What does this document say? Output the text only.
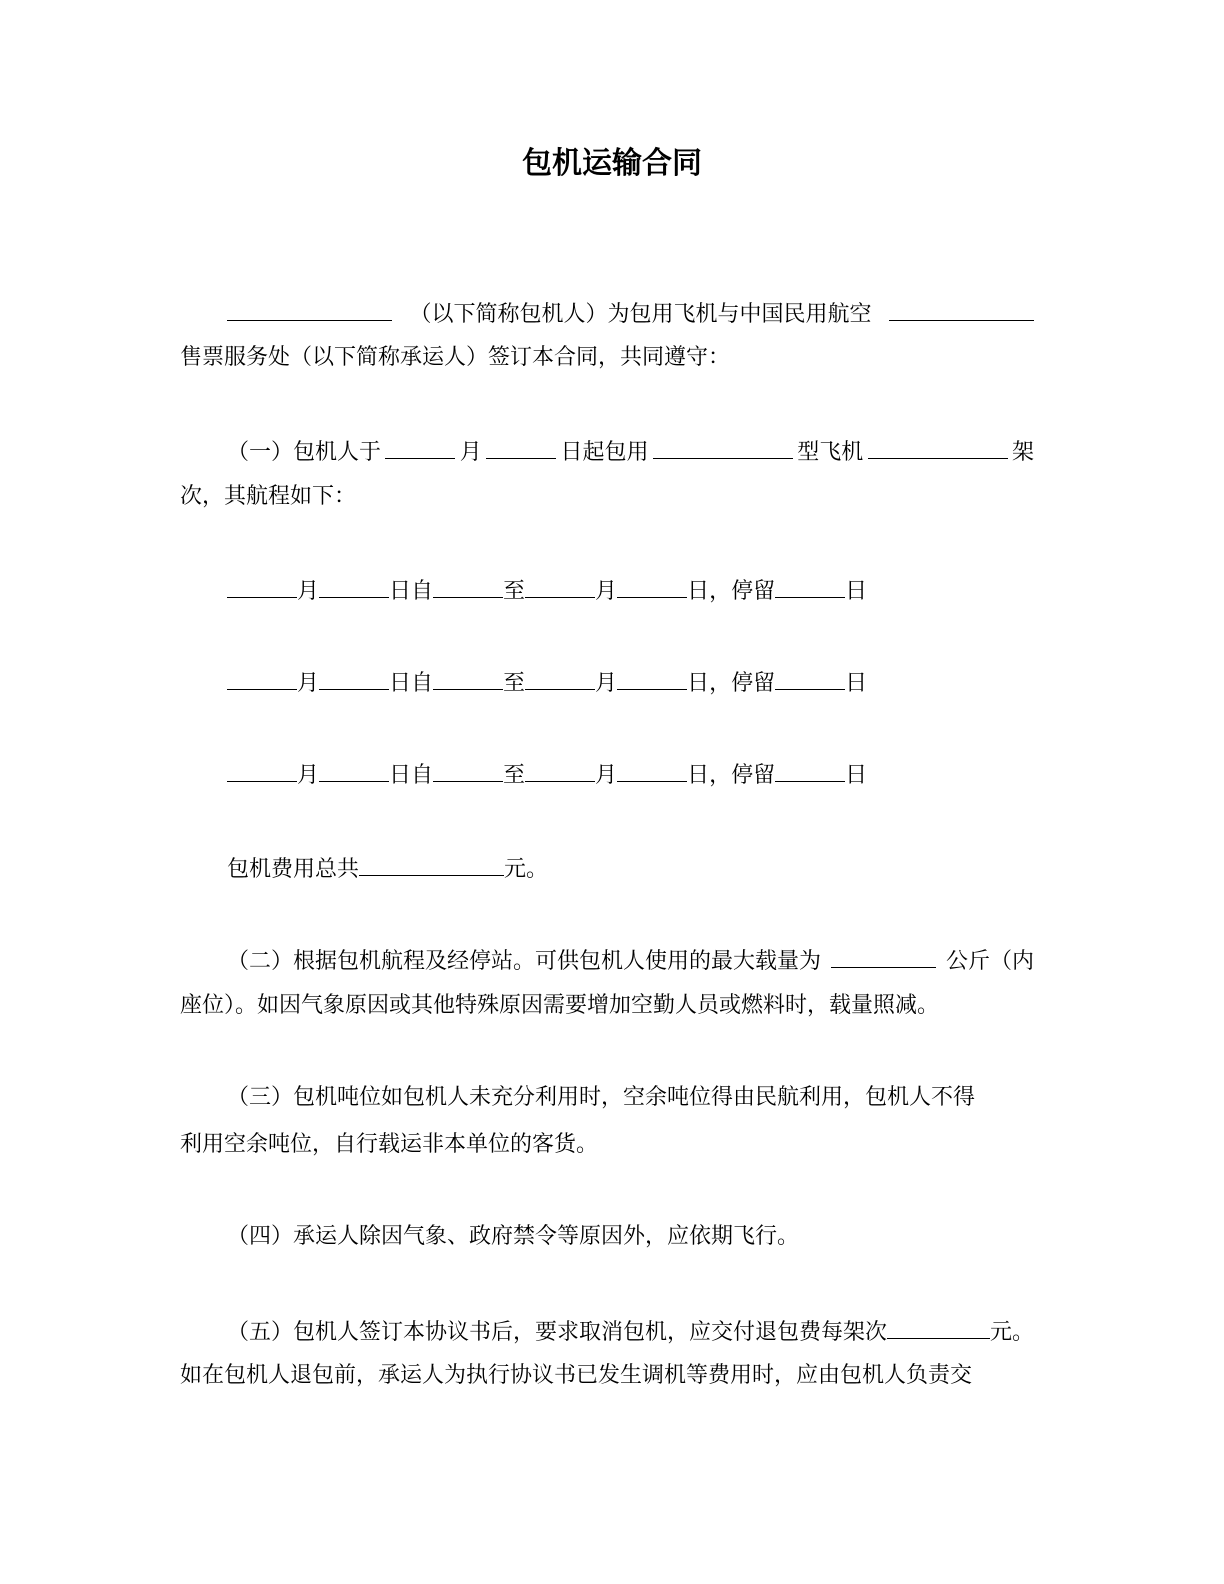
包机运输合同
（以下简称包机人）为包用飞机与中国民用航空
售票服务处（以下简称承运人）签订本合同，共同遵守：
（一）包机人于	月	日起包用	型飞机	架
次，其航程如下：
月	日自	至	月	日，停留	日
月	日自	至	月	日，停留	日
月	日自	至	月	日，停留	日
包机费用总共	元。
（二）根据包机航程及经停站。可供包机人使用的最大载量为	公斤（内
座位）。如因气象原因或其他特殊原因需要增加空勤人员或燃料时，载量照减。
（三）包机吨位如包机人未充分利用时，空余吨位得由民航利用，包机人不得
利用空余吨位，自行载运非本单位的客货。
（四）承运人除因气象、政府禁令等原因外，应依期飞行。
（五）包机人签订本协议书后，要求取消包机，应交付退包费每架次	元。
如在包机人退包前，承运人为执行协议书已发生调机等费用时，应由包机人负责交
